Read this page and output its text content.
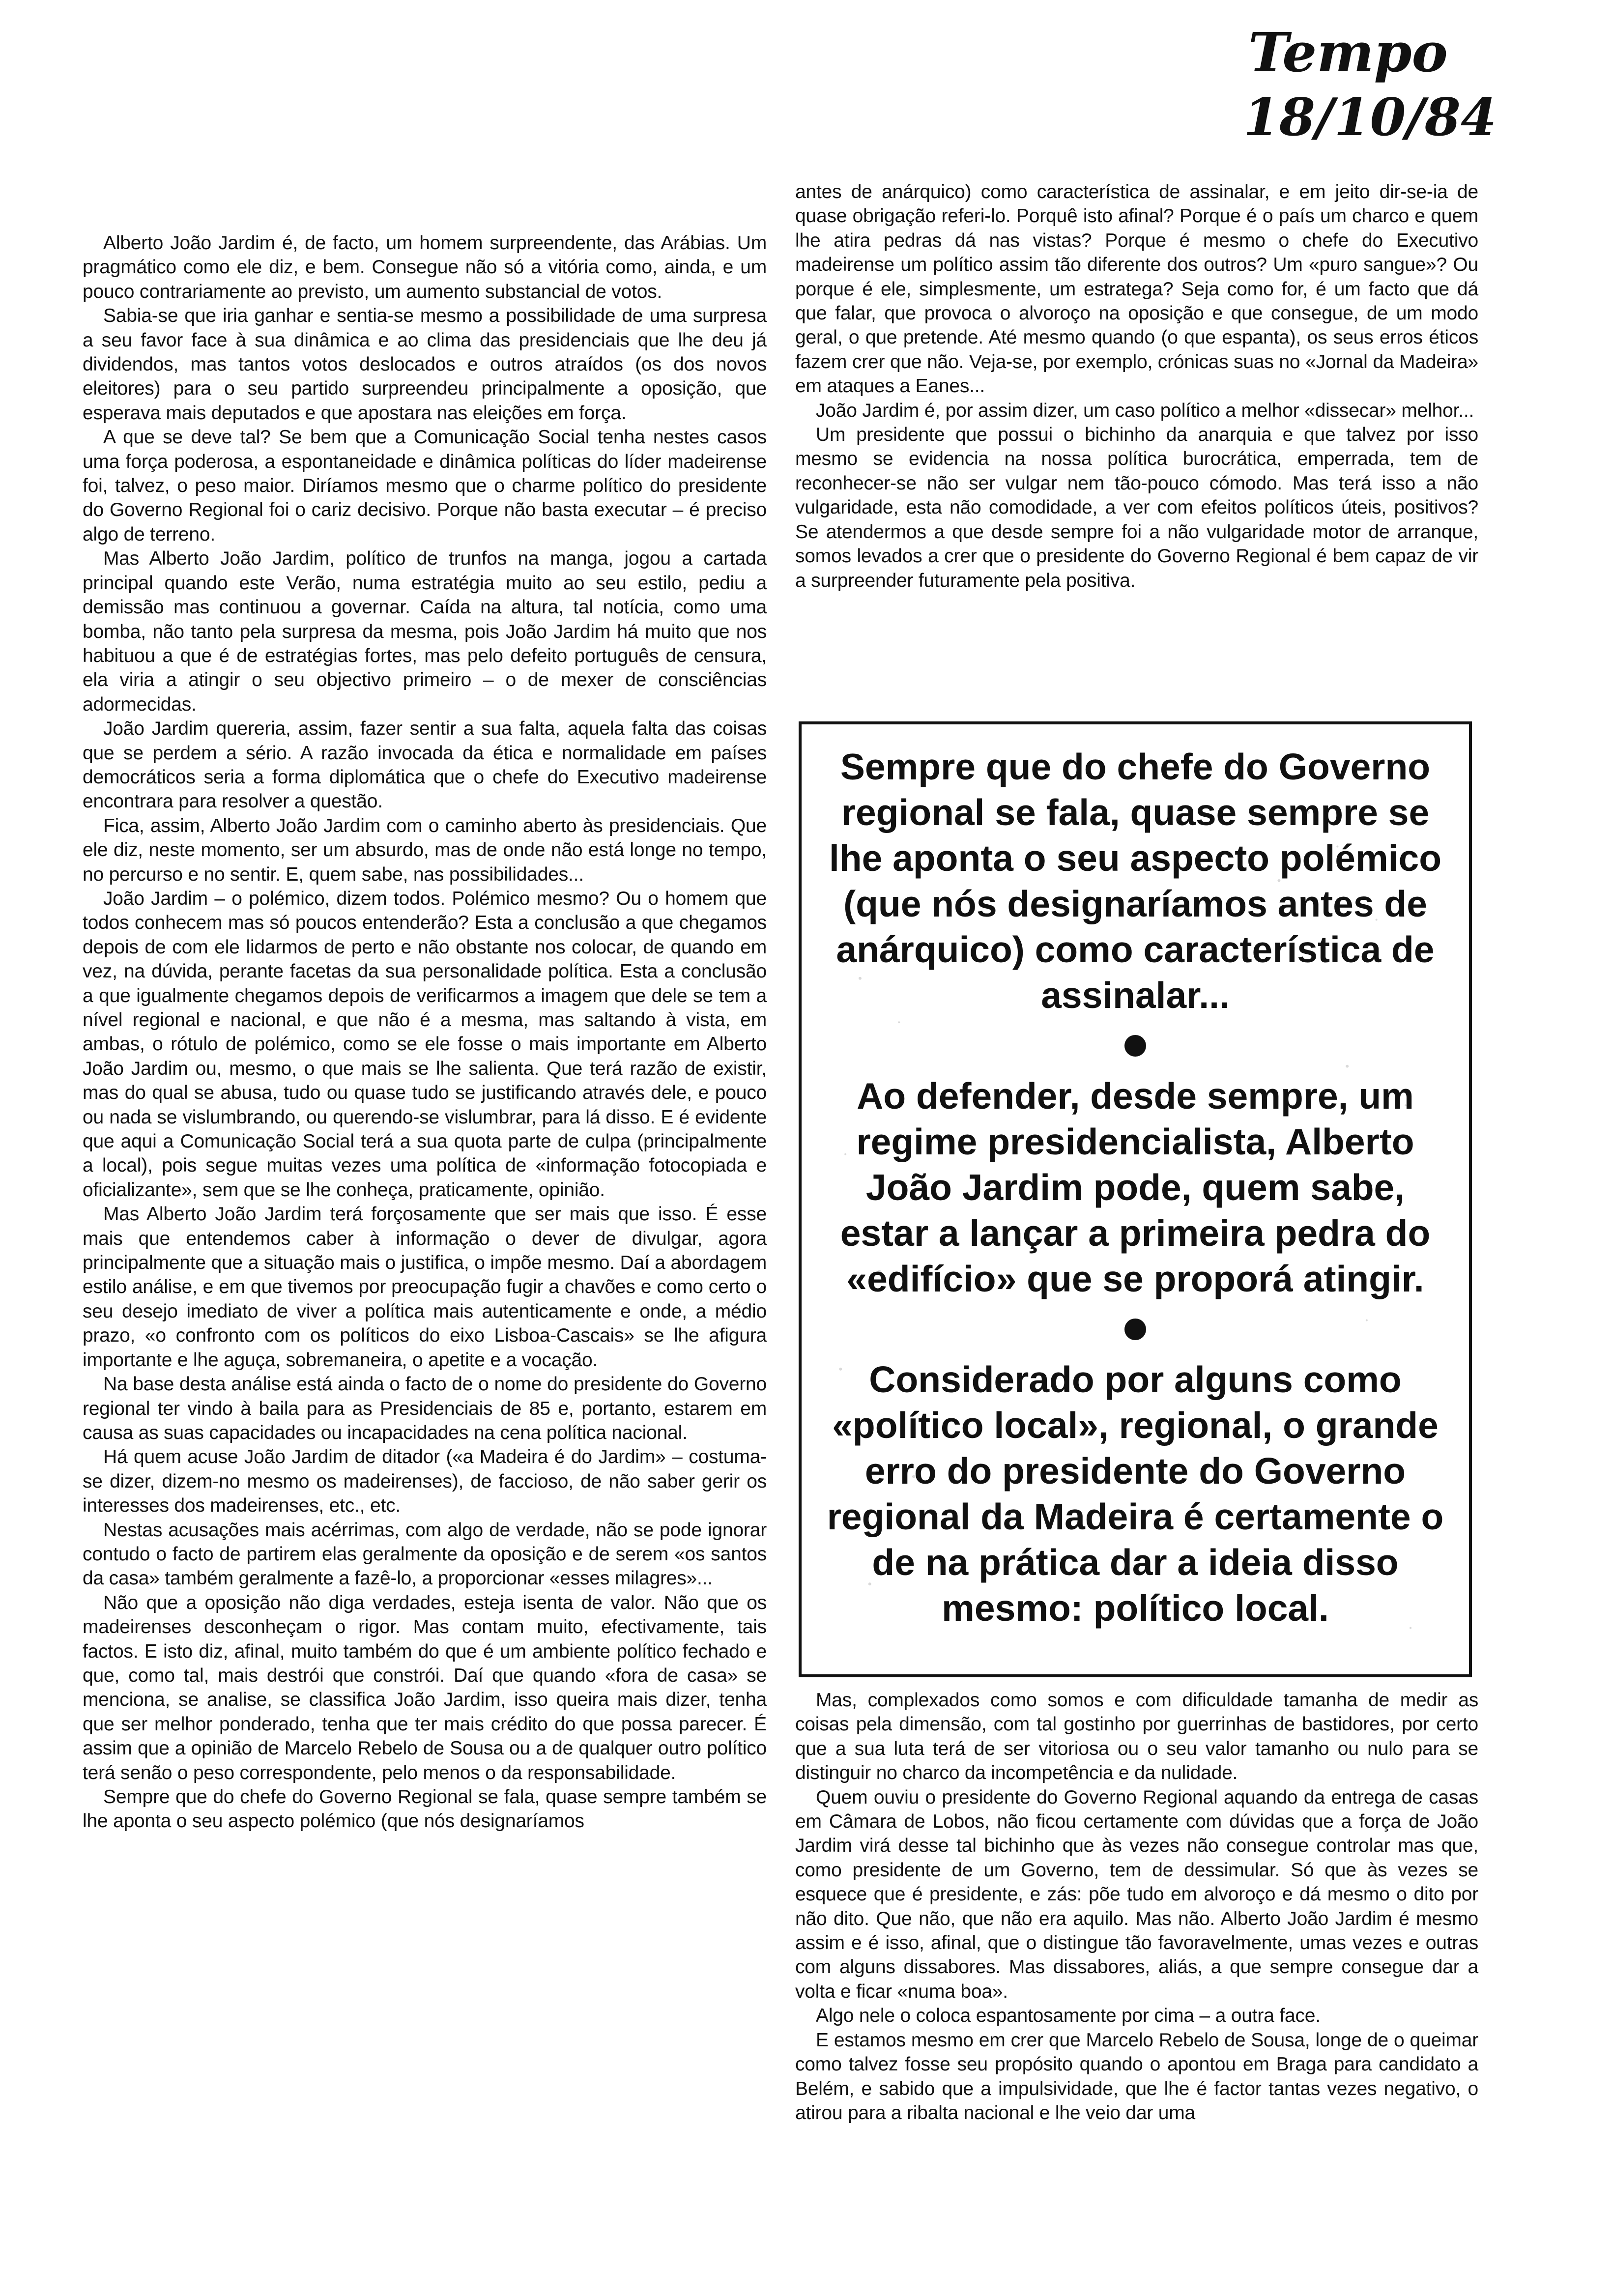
Tempo
18/10/84

Alberto João Jardim é, de facto, um homem surpreendente, das Arábias. Um pragmático como ele diz, e bem. Consegue não só a vitória como, ainda, e um pouco contrariamente ao previsto, um aumento substancial de votos.

Sabia-se que iria ganhar e sentia-se mesmo a possibilidade de uma surpresa a seu favor face à sua dinâmica e ao clima das presidenciais que lhe deu já dividendos, mas tantos votos deslocados e outros atraídos (os dos novos eleitores) para o seu partido surpreendeu principalmente a oposição, que esperava mais deputados e que apostara nas eleições em força.

A que se deve tal? Se bem que a Comunicação Social tenha nestes casos uma força poderosa, a espontaneidade e dinâmica políticas do líder madeirense foi, talvez, o peso maior. Diríamos mesmo que o charme político do presidente do Governo Regional foi o cariz decisivo. Porque não basta executar – é preciso algo de terreno.

Mas Alberto João Jardim, político de trunfos na manga, jogou a cartada principal quando este Verão, numa estratégia muito ao seu estilo, pediu a demissão mas continuou a governar. Caída na altura, tal notícia, como uma bomba, não tanto pela surpresa da mesma, pois João Jardim há muito que nos habituou a que é de estratégias fortes, mas pelo defeito português de censura, ela viria a atingir o seu objectivo primeiro – o de mexer de consciências adormecidas.

João Jardim quereria, assim, fazer sentir a sua falta, aquela falta das coisas que se perdem a sério. A razão invocada da ética e normalidade em países democráticos seria a forma diplomática que o chefe do Executivo madeirense encontrara para resolver a questão.

Fica, assim, Alberto João Jardim com o caminho aberto às presidenciais. Que ele diz, neste momento, ser um absurdo, mas de onde não está longe no tempo, no percurso e no sentir. E, quem sabe, nas possibilidades...

João Jardim – o polémico, dizem todos. Polémico mesmo? Ou o homem que todos conhecem mas só poucos entenderão? Esta a conclusão a que chegamos depois de com ele lidarmos de perto e não obstante nos colocar, de quando em vez, na dúvida, perante facetas da sua personalidade política. Esta a conclusão a que igualmente chegamos depois de verificarmos a imagem que dele se tem a nível regional e nacional, e que não é a mesma, mas saltando à vista, em ambas, o rótulo de polémico, como se ele fosse o mais importante em Alberto João Jardim ou, mesmo, o que mais se lhe salienta. Que terá razão de existir, mas do qual se abusa, tudo ou quase tudo se justificando através dele, e pouco ou nada se vislumbrando, ou querendo-se vislumbrar, para lá disso. E é evidente que aqui a Comunicação Social terá a sua quota parte de culpa (principalmente a local), pois segue muitas vezes uma política de «informação fotocopiada e oficializante», sem que se lhe conheça, praticamente, opinião.

Mas Alberto João Jardim terá forçosamente que ser mais que isso. É esse mais que entendemos caber à informação o dever de divulgar, agora principalmente que a situação mais o justifica, o impõe mesmo. Daí a abordagem estilo análise, e em que tivemos por preocupação fugir a chavões e como certo o seu desejo imediato de viver a política mais autenticamente e onde, a médio prazo, «o confronto com os políticos do eixo Lisboa-Cascais» se lhe afigura importante e lhe aguça, sobremaneira, o apetite e a vocação.

Na base desta análise está ainda o facto de o nome do presidente do Governo regional ter vindo à baila para as Presidenciais de 85 e, portanto, estarem em causa as suas capacidades ou incapacidades na cena política nacional.

Há quem acuse João Jardim de ditador («a Madeira é do Jardim» – costuma-se dizer, dizem-no mesmo os madeirenses), de faccioso, de não saber gerir os interesses dos madeirenses, etc., etc.

Nestas acusações mais acérrimas, com algo de verdade, não se pode ignorar contudo o facto de partirem elas geralmente da oposição e de serem «os santos da casa» também geralmente a fazê-lo, a proporcionar «esses milagres»...

Não que a oposição não diga verdades, esteja isenta de valor. Não que os madeirenses desconheçam o rigor. Mas contam muito, efectivamente, tais factos. E isto diz, afinal, muito também do que é um ambiente político fechado e que, como tal, mais destrói que constrói. Daí que quando «fora de casa» se menciona, se analise, se classifica João Jardim, isso queira mais dizer, tenha que ser melhor ponderado, tenha que ter mais crédito do que possa parecer. É assim que a opinião de Marcelo Rebelo de Sousa ou a de qualquer outro político terá senão o peso correspondente, pelo menos o da responsabilidade.

Sempre que do chefe do Governo Regional se fala, quase sempre também se lhe aponta o seu aspecto polémico (que nós designaríamos

antes de anárquico) como característica de assinalar, e em jeito dir-se-ia de quase obrigação referi-lo. Porquê isto afinal? Porque é o país um charco e quem lhe atira pedras dá nas vistas? Porque é mesmo o chefe do Executivo madeirense um político assim tão diferente dos outros? Um «puro sangue»? Ou porque é ele, simplesmente, um estratega? Seja como for, é um facto que dá que falar, que provoca o alvoroço na oposição e que consegue, de um modo geral, o que pretende. Até mesmo quando (o que espanta), os seus erros éticos fazem crer que não. Veja-se, por exemplo, crónicas suas no «Jornal da Madeira» em ataques a Eanes...

João Jardim é, por assim dizer, um caso político a melhor «dissecar» melhor...

Um presidente que possui o bichinho da anarquia e que talvez por isso mesmo se evidencia na nossa política burocrática, emperrada, tem de reconhecer-se não ser vulgar nem tão-pouco cómodo. Mas terá isso a não vulgaridade, esta não comodidade, a ver com efeitos políticos úteis, positivos? Se atendermos a que desde sempre foi a não vulgaridade motor de arranque, somos levados a crer que o presidente do Governo Regional é bem capaz de vir a surpreender futuramente pela positiva.

Sempre que do chefe do Governo regional se fala, quase sempre se lhe aponta o seu aspecto polémico (que nós designaríamos antes de anárquico) como característica de assinalar...

Ao defender, desde sempre, um regime presidencialista, Alberto João Jardim pode, quem sabe, estar a lançar a primeira pedra do «edifício» que se proporá atingir.

Considerado por alguns como «político local», regional, o grande erro do presidente do Governo regional da Madeira é certamente o de na prática dar a ideia disso mesmo: político local.

Mas, complexados como somos e com dificuldade tamanha de medir as coisas pela dimensão, com tal gostinho por guerrinhas de bastidores, por certo que a sua luta terá de ser vitoriosa ou o seu valor tamanho ou nulo para se distinguir no charco da incompetência e da nulidade.

Quem ouviu o presidente do Governo Regional aquando da entrega de casas em Câmara de Lobos, não ficou certamente com dúvidas que a força de João Jardim virá desse tal bichinho que às vezes não consegue controlar mas que, como presidente de um Governo, tem de dessimular. Só que às vezes se esquece que é presidente, e zás: põe tudo em alvoroço e dá mesmo o dito por não dito. Que não, que não era aquilo. Mas não. Alberto João Jardim é mesmo assim e é isso, afinal, que o distingue tão favoravelmente, umas vezes e outras com alguns dissabores. Mas dissabores, aliás, a que sempre consegue dar a volta e ficar «numa boa».

Algo nele o coloca espantosamente por cima – a outra face.

E estamos mesmo em crer que Marcelo Rebelo de Sousa, longe de o queimar como talvez fosse seu propósito quando o apontou em Braga para candidato a Belém, e sabido que a impulsividade, que lhe é factor tantas vezes negativo, o atirou para a ribalta nacional e lhe veio dar uma
